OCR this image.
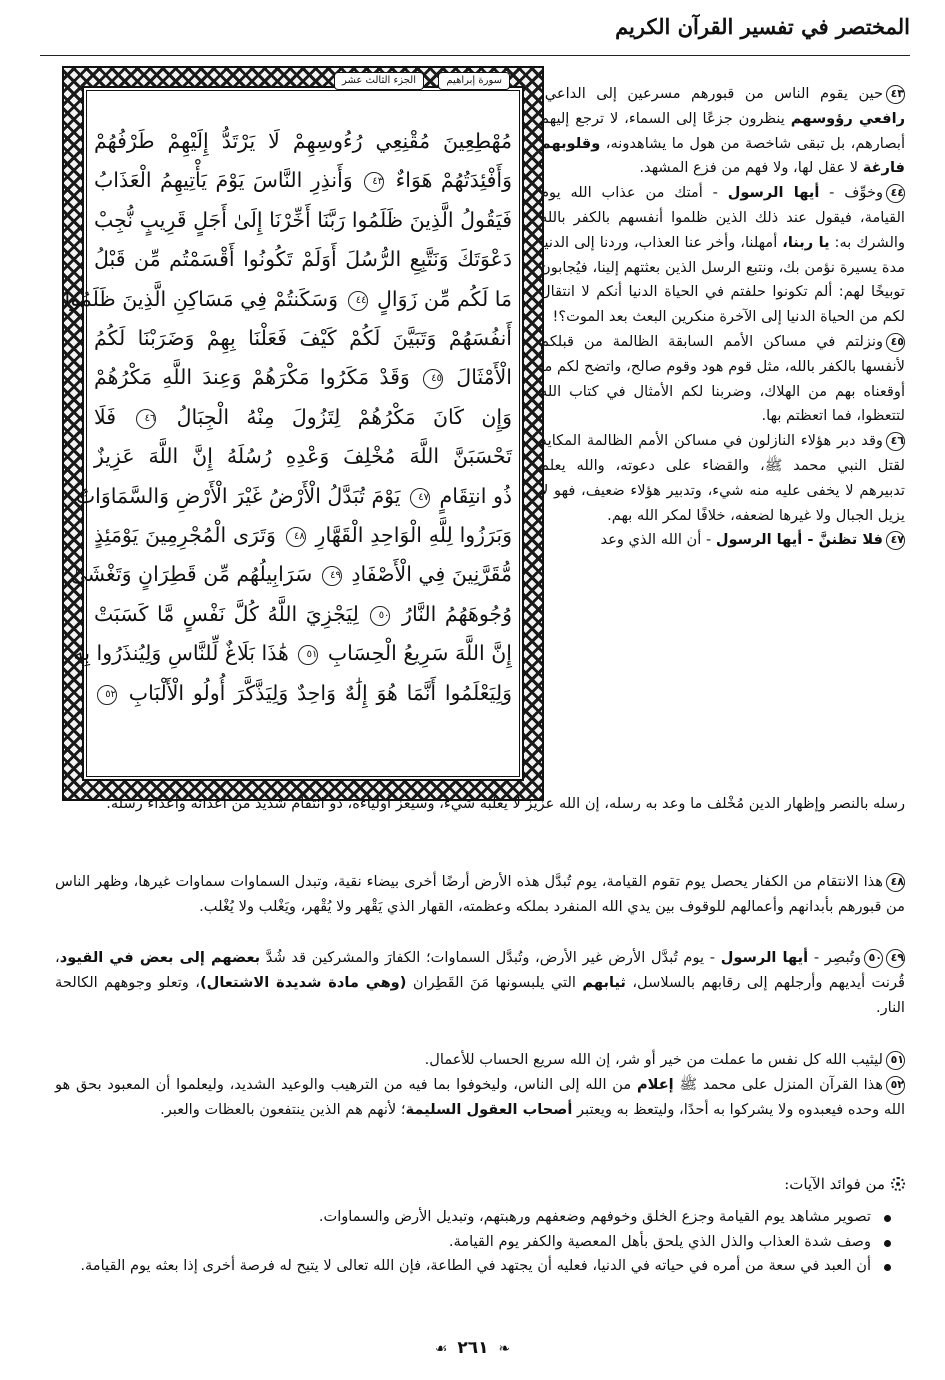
المختصر في تفسير القرآن الكريم
سورة إبراهيم
الجزء الثالث عشر
مُهْطِعِينَ مُقْنِعِي رُءُوسِهِمْ لَا يَرْتَدُّ إِلَيْهِمْ طَرْفُهُمْ
وَأَفْئِدَتُهُمْ هَوَاءٌ ٤٣ وَأَنذِرِ النَّاسَ يَوْمَ يَأْتِيهِمُ الْعَذَابُ
فَيَقُولُ الَّذِينَ ظَلَمُوا رَبَّنَا أَخِّرْنَا إِلَىٰ أَجَلٍ قَرِيبٍ نُّجِبْ
دَعْوَتَكَ وَنَتَّبِعِ الرُّسُلَ أَوَلَمْ تَكُونُوا أَقْسَمْتُم مِّن قَبْلُ
مَا لَكُم مِّن زَوَالٍ ٤٤ وَسَكَنتُمْ فِي مَسَاكِنِ الَّذِينَ ظَلَمُوا
أَنفُسَهُمْ وَتَبَيَّنَ لَكُمْ كَيْفَ فَعَلْنَا بِهِمْ وَضَرَبْنَا لَكُمُ
الْأَمْثَالَ ٤٥ وَقَدْ مَكَرُوا مَكْرَهُمْ وَعِندَ اللَّهِ مَكْرُهُمْ
وَإِن كَانَ مَكْرُهُمْ لِتَزُولَ مِنْهُ الْجِبَالُ ٤٦ فَلَا
تَحْسَبَنَّ اللَّهَ مُخْلِفَ وَعْدِهِ رُسُلَهُ إِنَّ اللَّهَ عَزِيزٌ
ذُو انتِقَامٍ ٤٧ يَوْمَ تُبَدَّلُ الْأَرْضُ غَيْرَ الْأَرْضِ وَالسَّمَاوَاتُ
وَبَرَزُوا لِلَّهِ الْوَاحِدِ الْقَهَّارِ ٤٨ وَتَرَى الْمُجْرِمِينَ يَوْمَئِذٍ
مُّقَرَّنِينَ فِي الْأَصْفَادِ ٤٩ سَرَابِيلُهُم مِّن قَطِرَانٍ وَتَغْشَىٰ
وُجُوهَهُمُ النَّارُ ٥٠ لِيَجْزِيَ اللَّهُ كُلَّ نَفْسٍ مَّا كَسَبَتْ
إِنَّ اللَّهَ سَرِيعُ الْحِسَابِ ٥١ هَٰذَا بَلَاغٌ لِّلنَّاسِ وَلِيُنذَرُوا بِهِ
وَلِيَعْلَمُوا أَنَّمَا هُوَ إِلَٰهٌ وَاحِدٌ وَلِيَذَّكَّرَ أُولُو الْأَلْبَابِ ٥٢

٤٣حين يقوم الناس من قبورهم مسرعين إلى الداعي، رافعي رؤوسهم ينظرون جزعًا إلى السماء، لا ترجع إليهم أبصارهم، بل تبقى شاخصة من هول ما يشاهدونه، وقلوبهم فارغة لا عقل لها، ولا فهم من فزع المشهد.

٤٤وخوِّف - أيها الرسول - أمتك من عذاب الله يوم القيامة، فيقول عند ذلك الذين ظلموا أنفسهم بالكفر بالله والشرك به: يا ربنا، أمهلنا، وأخر عنا العذاب، وردنا إلى الدنيا مدة يسيرة نؤمن بك، ونتبع الرسل الذين بعثتهم إلينا، فيُجابون توبيخًا لهم: ألم تكونوا حلفتم في الحياة الدنيا أنكم لا انتقال لكم من الحياة الدنيا إلى الآخرة منكرين البعث بعد الموت؟!

٤٥ونزلتم في مساكن الأمم السابقة الظالمة من قبلكم لأنفسها بالكفر بالله، مثل قوم هود وقوم صالح، واتضح لكم ما أوقعناه بهم من الهلاك، وضربنا لكم الأمثال في كتاب الله لتتعظوا، فما اتعظتم بها.

٤٦وقد دبر هؤلاء النازلون في مساكن الأمم الظالمة المكايد لقتل النبي محمد ﷺ، والقضاء على دعوته، والله يعلم تدبيرهم لا يخفى عليه منه شيء، وتدبير هؤلاء ضعيف، فهو لا يزيل الجبال ولا غيرها لضعفه، خلافًا لمكر الله بهم.

٤٧فلا تظننَّ - أيها الرسول - أن الله الذي وعد

رسله بالنصر وإظهار الدين مُخْلف ما وعد به رسله، إن الله عزيز لا يغلبه شيء، وسيعز أولياءه، ذو انتقام شديد من أعدائه وأعداء رسله.

٤٨هذا الانتقام من الكفار يحصل يوم تقوم القيامة، يوم تُبدَّل هذه الأرض أرضًا أخرى بيضاء نقية، وتبدل السماوات سماوات غيرها، وظهر الناس من قبورهم بأبدانهم وأعمالهم للوقوف بين يدي الله المنفرد بملكه وعظمته، القهار الذي يَقْهر ولا يُقْهر، ويَغْلب ولا يُغْلب.

٤٩٥٠وتُبصِر - أيها الرسول - يوم تُبدَّل الأرض غير الأرض، وتُبدَّل السماوات؛ الكفارَ والمشركين قد شُدَّ بعضهم إلى بعض في القيود، قُرنت أيديهم وأرجلهم إلى رقابهم بالسلاسل، ثيابهم التي يلبسونها مَنَ القَطِران (وهي مادة شديدة الاشتعال)، وتعلو وجوههم الكالحة النار.

٥١ليثيب الله كل نفس ما عملت من خير أو شر، إن الله سريع الحساب للأعمال.

٥٢هذا القرآن المنزل على محمد ﷺ إعلام من الله إلى الناس، وليخوفوا بما فيه من الترهيب والوعيد الشديد، وليعلموا أن المعبود بحق هو الله وحده فيعبدوه ولا يشركوا به أحدًا، وليتعظ به ويعتبر أصحاب العقول السليمة؛ لأنهم هم الذين ينتفعون بالعظات والعبر.

من فوائد الآيات:
تصوير مشاهد يوم القيامة وجزع الخلق وخوفهم وضعفهم ورهبتهم، وتبديل الأرض والسماوات.
وصف شدة العذاب والذل الذي يلحق بأهل المعصية والكفر يوم القيامة.
أن العبد في سعة من أمره في حياته في الدنيا، فعليه أن يجتهد في الطاعة، فإن الله تعالى لا يتيح له فرصة أخرى إذا بعثه يوم القيامة.
❧ ٢٦١ ☙
